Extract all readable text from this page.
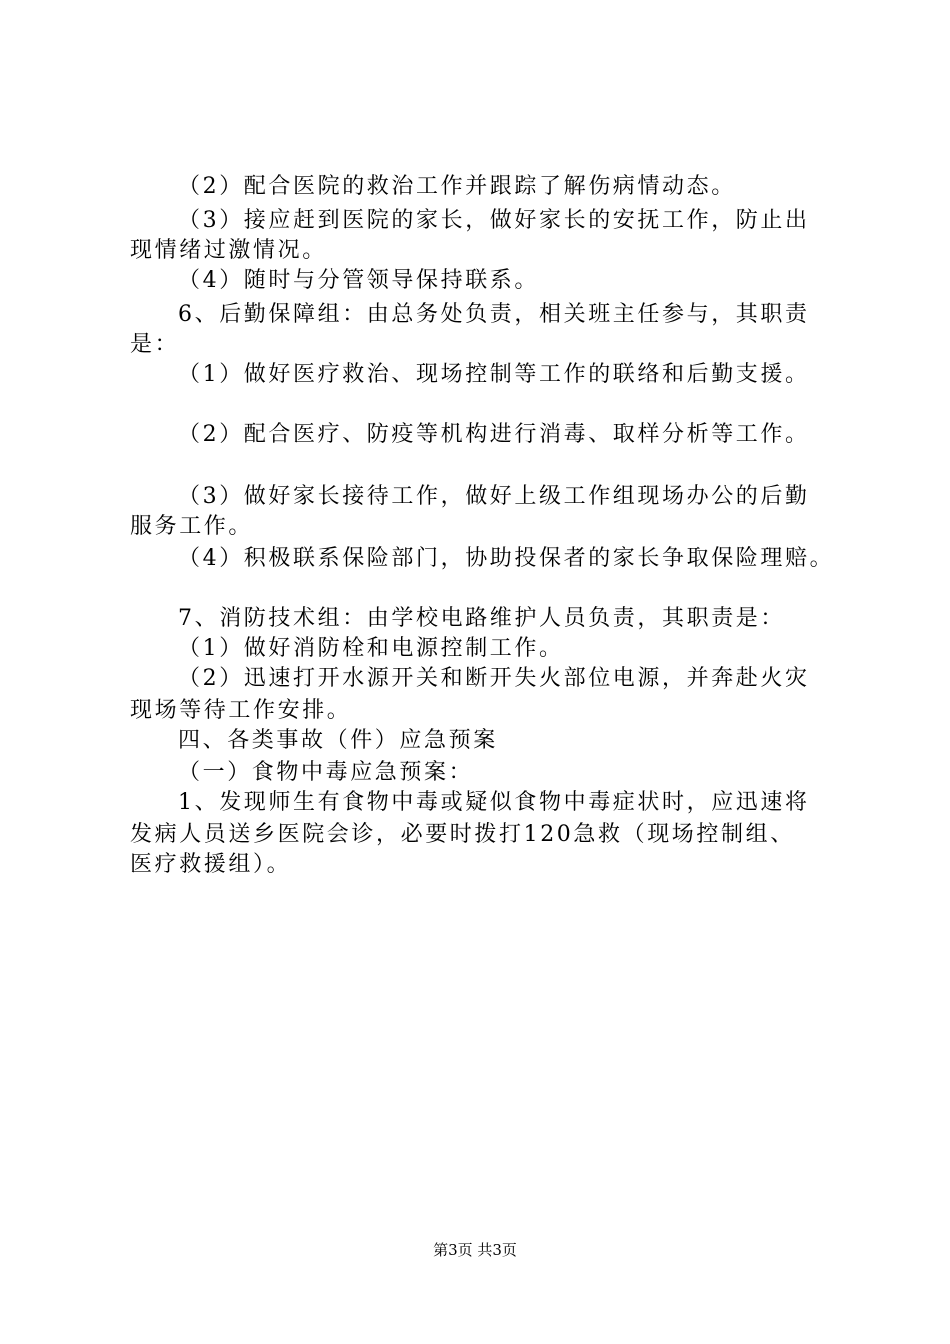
（2）配合医院的救治工作并跟踪了解伤病情动态。
（3）接应赶到医院的家长，做好家长的安抚工作，防止出
现情绪过激情况。
（4）随时与分管领导保持联系。
6、后勤保障组：由总务处负责，相关班主任参与，其职责
是：
（1）做好医疗救治、现场控制等工作的联络和后勤支援。
（2）配合医疗、防疫等机构进行消毒、取样分析等工作。
（3）做好家长接待工作，做好上级工作组现场办公的后勤
服务工作。
（4）积极联系保险部门，协助投保者的家长争取保险理赔。
7、消防技术组：由学校电路维护人员负责，其职责是：
（1）做好消防栓和电源控制工作。
（2）迅速打开水源开关和断开失火部位电源，并奔赴火灾
现场等待工作安排。
四、各类事故（件）应急预案
（一）食物中毒应急预案：
1、发现师生有食物中毒或疑似食物中毒症状时，应迅速将
发病人员送乡医院会诊，必要时拨打120急救（现场控制组、
医疗救援组）。
第3页 共3页
